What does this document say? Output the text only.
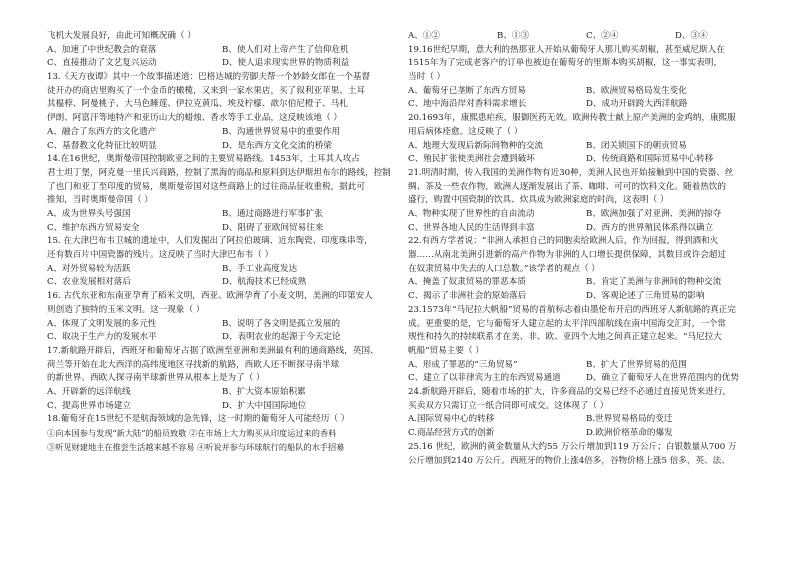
飞机大发展良好，由此可知概况确（ ）
A、加速了中世纪教会的衰落	B、使人们对上帝产生了信仰危机
C、直接推动了文艺复兴运动	D、使人追求现实世界的物质利益
13.《天方夜谭》其中一个故事描述道：巴格达城的劳脚夫帮一个妙龄女郎在一个基督
徒开办的商店里购买了一个金币的橄榄，又来到一家水果店，买了叙利亚苹果、土耳
其榅桲、阿曼桃子、大马色睡莲、伊拉克黄瓜、埃及柠檬、歆尔伯尼橙子、马札
伊朗、阿富汗等地特产和亚历山大的蜡烛、香水等手工业品，这反映该地（ ）
A、融合了东西方的文化遗产	B、沟通世界贸易中的重要作用
C、基督教文化特征比较明显	D、是东西方文化交流的桥梁
14.在16世纪，奥斯曼帝国控制欧亚之间的主要贸易路线。1453年，土耳其人攻占
君士坦丁堡，阿克曼一里氏兴商路，控制了黑海的商品和原料到达伊斯坦布尔的路线，控制
了也门和亚丁至印度的贸易，奥斯曼帝国对这些商路上的过往商品征收重税，据此可
推知，当时奥斯曼帝国（ ）
A、成为世界头号强国	B、通过商路进行军事扩张
C、维护东西方贸易安全	D、阻碍了亚欧间贸易往来
15. 在大津巴布韦卫城的遗址中，人们发掘出了阿拉伯玻璃、近东陶瓷、印度珠串等，
还有数百片中国瓷器的残片。这反映了当时大津巴布韦（ ）
A、对外贸易较为活跃	B、手工业高度发达
C、农业发展相对落后	D、航海技术已经成熟
16. 古代东亚和东南亚孕育了稻米文明，西亚、欧洲孕育了小麦文明，美洲的印第安人
则创造了独特的玉米文明。这一现象（ ）
A、体现了文明发展的多元性	B、说明了各文明是孤立发展的
C、取决于生产力的发展水平	D、表明农业的起源于今天定论
17.新航路开辟后，西班牙和葡萄牙占据了欧洲至亚洲和美洲最有利的通商路线，英国、
荷兰等开始在北大西洋的高纬度地区寻找新的航路，西欧人还不断探寻南半球
的新世界。西欧人探寻南半球新世界从根本上是为了（ ）
A、开辟新的远洋航线	B、扩大资本原始积累
C、提高世界市场建立	D、扩大中国国际地位
18.葡萄牙在15世纪不是航海领域的急先锋，这一时期的葡萄牙人可能经历（ ）
①向本国参与发现“新大陆”的船员致敬 ②在市场上大力购买从印度运过来的香料
③听见财建地主在推尝生活越来越不容易 ④听说并参与环球航行的船队的水手招募
A、①②	B、①③	C、②④	D、③④
19.16世纪早期，意大利的热那亚人开始从葡萄牙人那儿购买胡椒，甚至威尼斯人在
1515年为了完成老客户的订单也被迫在葡萄牙的里斯本购买胡椒，这一事实表明，
当时（ ）
A、葡萄牙已垄断了东西方贸易	B、欧洲贸易格局发生变化
C、地中海沿岸对香料需求增长	D、成功开辟跨大西洋航路
20.1693年，康熙患疟疾，服御医药无效。欧洲传教士献上原产美洲的金鸡纳，康熙服
用后病体痊愈。这反映了（ ）
A、地理大发现后新际间物种的交流	B、闭关锁国下的朝贡贸易
C、殖民扩张使美洲社会遭到破坏	D、传统商路和国际贸易中心转移
21.明清时期，传入我国的美洲作物有近30种，美洲人民也开始接触到中国的瓷器、丝
绸、茶及一些农作物，欧洲人逐渐发展出了茶、咖啡、可可的饮料文化。随着热饮的
盛行，购置中国瓷制的饮具、炊具成为欧洲家庭的时尚，这表明（ ）
A、物种实现了世界性的自由流动	B、欧洲加强了对亚洲、美洲的掠夺
C、世界各地人民的生活得到丰富	D、西方的世界殖民体系得以确立
22.有西方学者说：“非洲人承担自己的同胞卖给欧洲人后，作为回报，得到酒和火
器……从南北美洲引进新的高产作物为非洲的人口增长提供保障，其数目或许会超过
在奴隶贸易中失去的人口总数。”该学者的观点（ ）
A、掩盖了奴隶贸易的罪恶本质	B、肯定了美洲与非洲间的物种交流
C、揭示了非洲社会的原始落后	D、客观论述了三角贸易的影响
23.1573年“马尼拉大帆船”贸易的首航标志着由墨伦布开启的西班牙人新航路的真正完
成。更重要的是，它与葡萄牙人建立起的太平洋四部航线在南中国海交汇时，一个常
规性和持久的持续联系才在美、非、欧、亚四个大地之间真正建立起来。“马尼拉大
帆船”贸易主要（ ）
A、形成了罪恶的“三角贸易”	B、扩大了世界贸易的范围
C、建立了以菲律宾为主的东西贸易通道	D、确立了葡萄牙人在世界范围内的优势
24.新航路开辟后，随着市场的扩大，许多商品的交易已经不必通过直接见货来进行，
买卖双方只需订立一纸合同即可成交。这体现了（ ）
A.国际贸易中心的转移	B.世界贸易格局的变迁
C.商品经营方式的创新	D.欧洲价格革命的爆发
25.16 世纪，欧洲的黄金数量从大约55 万公斤增加到119 万公斤；白银数量从700 万
公斤增加到2140 万公斤。西班牙的物价上涨4倍多，谷物价格上涨5 倍多，英、法、
